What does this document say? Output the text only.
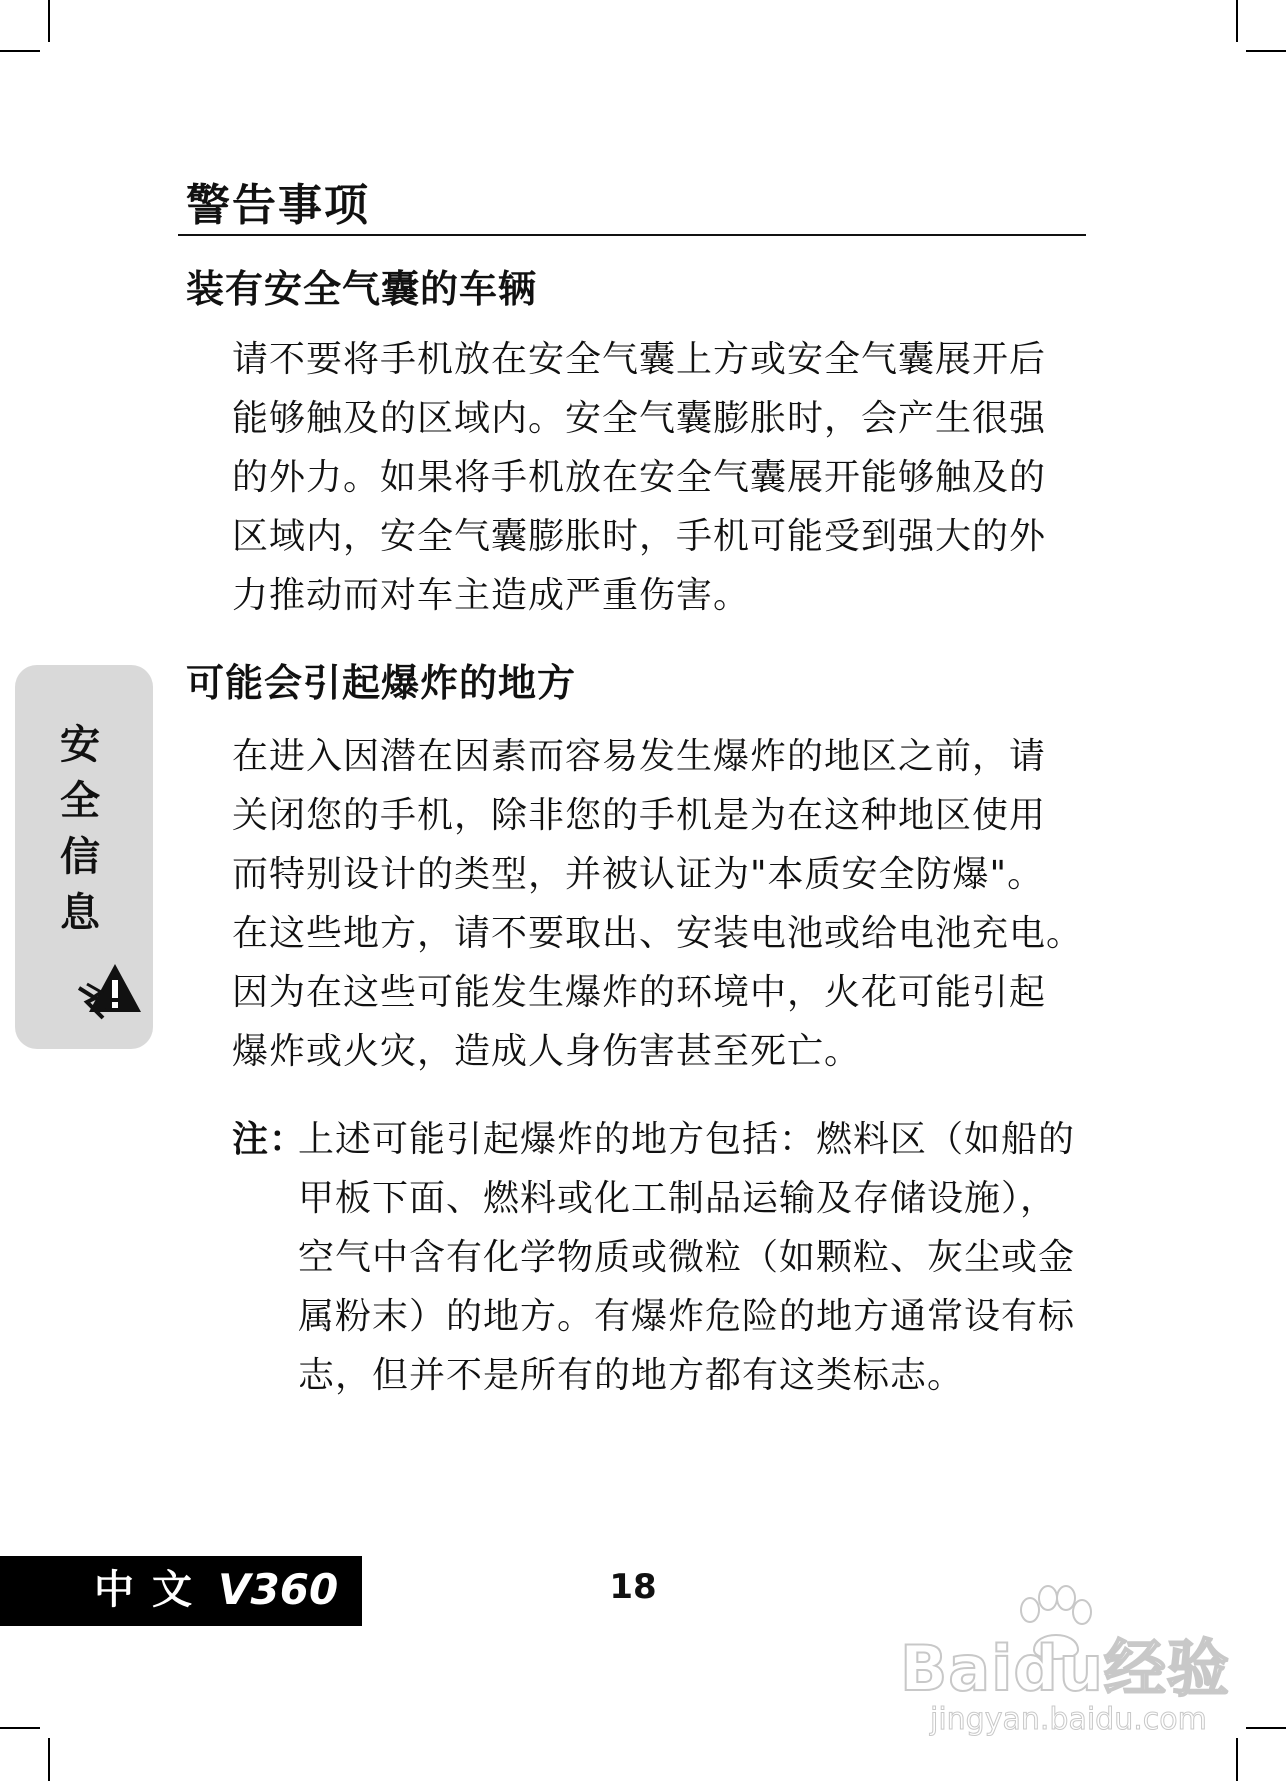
警告事项
装有安全气囊的车辆
请不要将手机放在安全气囊上方或安全气囊展开后
能够触及的区域内。安全气囊膨胀时，会产生很强
的外力。如果将手机放在安全气囊展开能够触及的
区域内，安全气囊膨胀时，手机可能受到强大的外
力推动而对车主造成严重伤害。
可能会引起爆炸的地方
在进入因潜在因素而容易发生爆炸的地区之前，请
关闭您的手机，除非您的手机是为在这种地区使用
而特别设计的类型，并被认证为"本质安全防爆"。
在这些地方，请不要取出、安装电池或给电池充电。
因为在这些可能发生爆炸的环境中，火花可能引起
爆炸或火灾，造成人身伤害甚至死亡。
注：
上述可能引起爆炸的地方包括：燃料区（如船的
甲板下面、燃料或化工制品运输及存储设施），
空气中含有化学物质或微粒（如颗粒、灰尘或金
属粉末）的地方。有爆炸危险的地方通常设有标
志，但并不是所有的地方都有这类标志。
安
全
信
息
中文 V360	18
Baidu经验
jingyan.baidu.com
